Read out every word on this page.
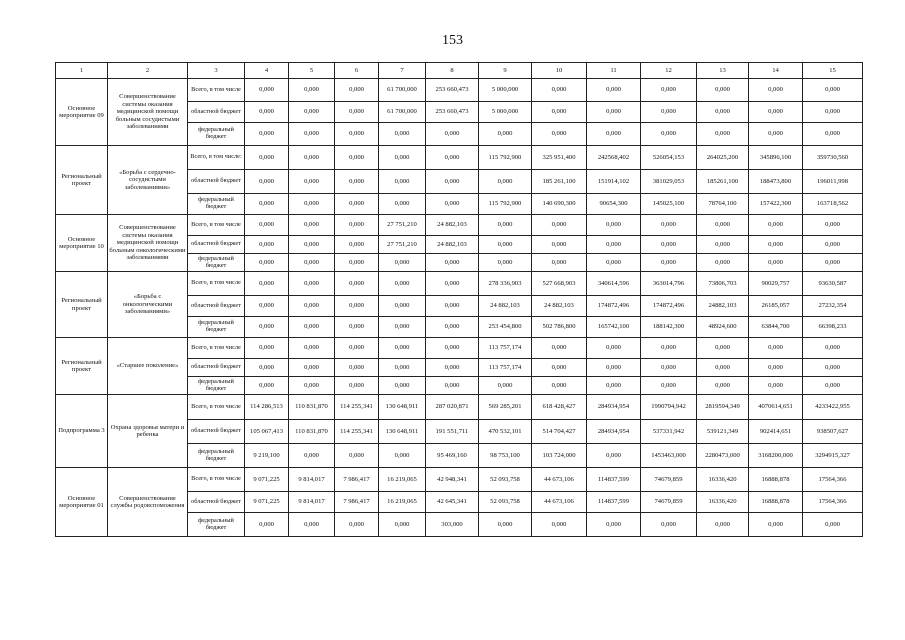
153
1	2	3	4	5	6	7	8	9	10	11	12	13	14	15
Основное мероприятие 09	Совершенствование системы оказания медицинской помощи больным сосудистыми заболеваниями	Всего, в том числе	0,000	0,000	0,000	61 700,000	253 660,473	5 000,000	0,000	0,000	0,000	0,000	0,000	0,000
		областной бюджет	0,000	0,000	0,000	61 700,000	253 660,473	5 000,000	0,000	0,000	0,000	0,000	0,000	0,000
		федеральный бюджет	0,000	0,000	0,000	0,000	0,000	0,000	0,000	0,000	0,000	0,000	0,000	0,000
Региональный проект	«Борьба с сердечно-сосудистыми заболеваниями»	Всего, в том числе:	0,000	0,000	0,000	0,000	0,000	115 792,900	325 951,400	242568,402	526054,153	264025,200	345896,100	359730,560
		областной бюджет	0,000	0,000	0,000	0,000	0,000	0,000	185 261,100	151914,102	381029,053	185261,100	188473,800	196011,998
		федеральный бюджет	0,000	0,000	0,000	0,000	0,000	115 792,900	140 690,300	90654,300	145025,100	78764,100	157422,300	163718,562
Основное мероприятие 10	Совершенствование системы оказания медицинской помощи больным онкологическими заболеваниями	Всего, в том числе	0,000	0,000	0,000	27 751,210	24 882,103	0,000	0,000	0,000	0,000	0,000	0,000	0,000
		областной бюджет	0,000	0,000	0,000	27 751,210	24 882,103	0,000	0,000	0,000	0,000	0,000	0,000	0,000
		федеральный бюджет	0,000	0,000	0,000	0,000	0,000	0,000	0,000	0,000	0,000	0,000	0,000	0,000
Региональный проект	«Борьба с онкологическими заболеваниями»	Всего, в том числе	0,000	0,000	0,000	0,000	0,000	278 336,903	527 668,903	340614,596	363014,796	73806,703	90029,757	93630,587
		областной бюджет	0,000	0,000	0,000	0,000	0,000	24 882,103	24 882,103	174872,496	174872,496	24882,103	26185,057	27232,354
		федеральный бюджет	0,000	0,000	0,000	0,000	0,000	253 454,800	502 786,800	165742,100	188142,300	48924,600	63844,700	66398,233
Региональный проект	«Старшее поколение»	Всего, в том числе	0,000	0,000	0,000	0,000	0,000	113 757,174	0,000	0,000	0,000	0,000	0,000	0,000
		областной бюджет	0,000	0,000	0,000	0,000	0,000	113 757,174	0,000	0,000	0,000	0,000	0,000	0,000
		федеральный бюджет	0,000	0,000	0,000	0,000	0,000	0,000	0,000	0,000	0,000	0,000	0,000	0,000
Подпрограмма 3	Охрана здоровья матери и ребенка	Всего, в том числе	114 286,513	110 831,870	114 255,341	130 648,911	287 020,871	569 285,201	618 428,427	284934,954	1990794,942	2819594,349	4070614,651	4233422,955
		областной бюджет	105 067,413	110 831,870	114 255,341	130 648,911	191 551,711	470 532,101	514 704,427	284934,954	537331,942	539121,349	902414,651	938507,627
		федеральный бюджет	9 219,100	0,000	0,000	0,000	95 469,160	98 753,100	103 724,000	0,000	1453463,000	2280473,000	3168200,000	3294915,327
Основное мероприятие 01	Совершенствование службы родовспоможения	Всего, в том числе	9 071,225	9 814,017	7 986,417	16 219,065	42 948,341	52 093,758	44 673,106	114837,599	74679,859	16336,420	16888,878	17564,366
		областной бюджет	9 071,225	9 814,017	7 986,417	16 219,065	42 645,341	52 093,758	44 673,106	114837,599	74679,859	16336,420	16888,878	17564,366
		федеральный бюджет	0,000	0,000	0,000	0,000	303,000	0,000	0,000	0,000	0,000	0,000	0,000	0,000
